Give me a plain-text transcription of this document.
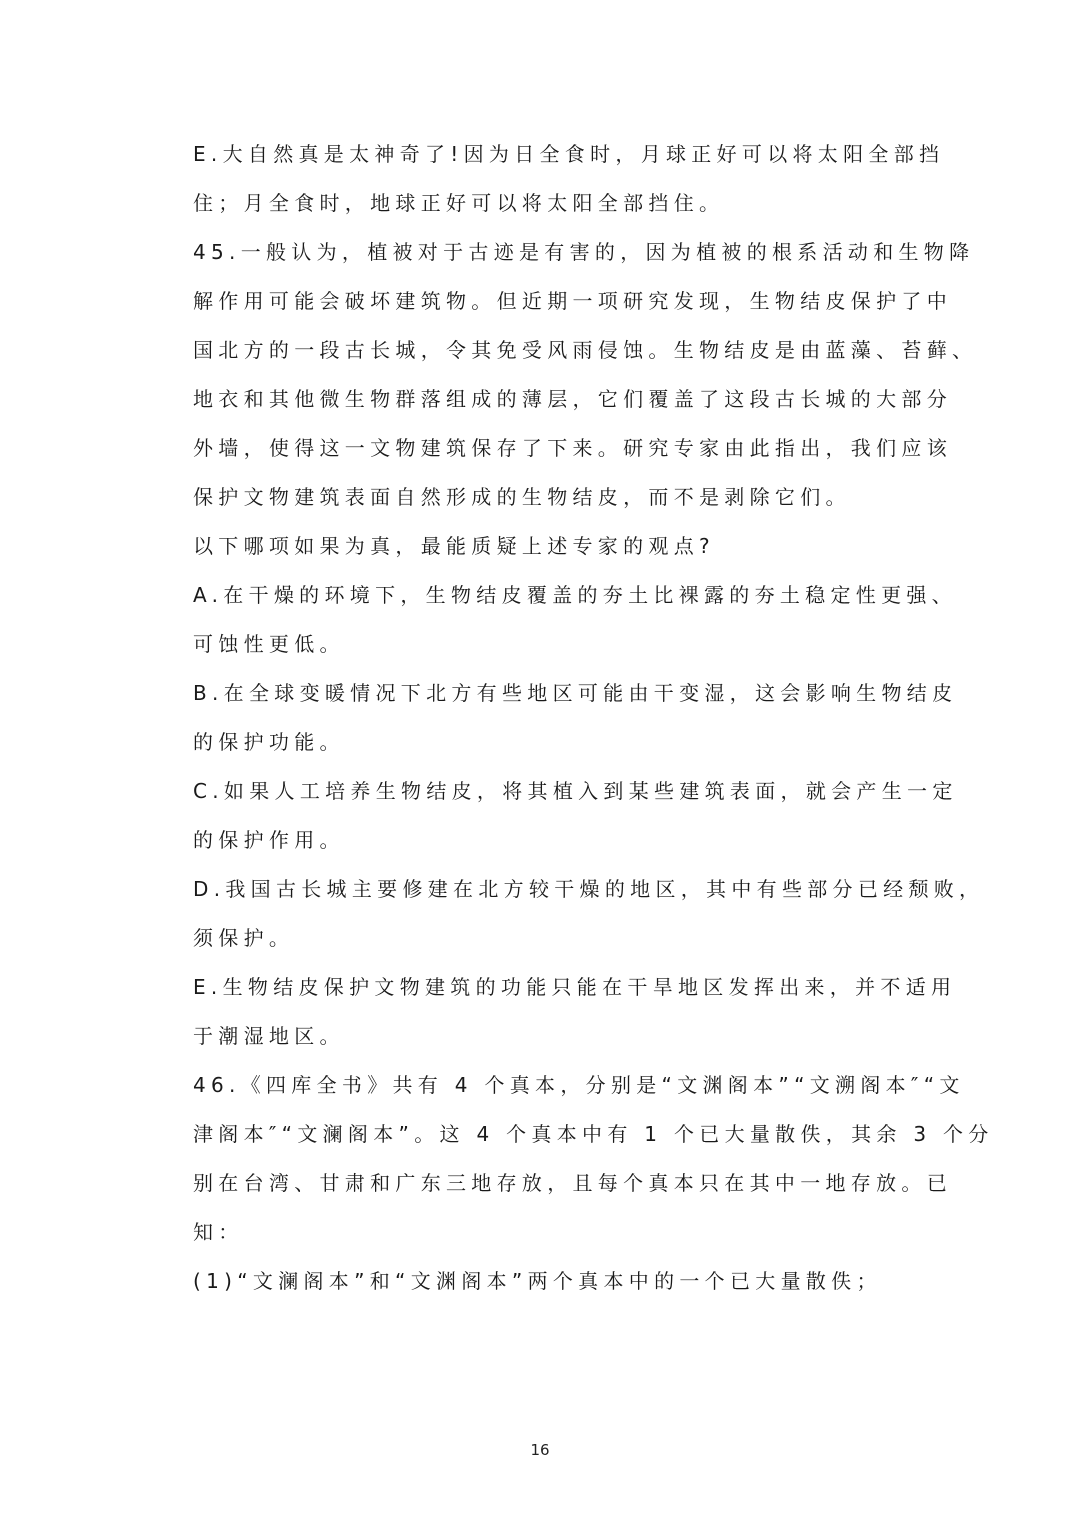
E.大自然真是太神奇了!因为日全食时，月球正好可以将太阳全部挡
住；月全食时，地球正好可以将太阳全部挡住。
45.一般认为，植被对于古迹是有害的，因为植被的根系活动和生物降
解作用可能会破坏建筑物。但近期一项研究发现，生物结皮保护了中
国北方的一段古长城，令其免受风雨侵蚀。生物结皮是由蓝藻、苔藓、
地衣和其他微生物群落组成的薄层，它们覆盖了这段古长城的大部分
外墙，使得这一文物建筑保存了下来。研究专家由此指出，我们应该
保护文物建筑表面自然形成的生物结皮，而不是剥除它们。
以下哪项如果为真，最能质疑上述专家的观点?
A.在干燥的环境下，生物结皮覆盖的夯土比裸露的夯土稳定性更强、
可蚀性更低。
B.在全球变暖情况下北方有些地区可能由干变湿，这会影响生物结皮
的保护功能。
C.如果人工培养生物结皮，将其植入到某些建筑表面，就会产生一定
的保护作用。
D.我国古长城主要修建在北方较干燥的地区，其中有些部分已经颓败，
须保护。
E.生物结皮保护文物建筑的功能只能在干旱地区发挥出来，并不适用
于潮湿地区。
46.《四库全书》共有 4 个真本，分别是“文渊阁本”“文溯阁本″“文
津阁本″“文澜阁本”。这 4 个真本中有 1 个已大量散佚，其余 3 个分
别在台湾、甘肃和广东三地存放，且每个真本只在其中一地存放。已
知：
(1)“文澜阁本”和“文渊阁本”两个真本中的一个已大量散佚；
16
